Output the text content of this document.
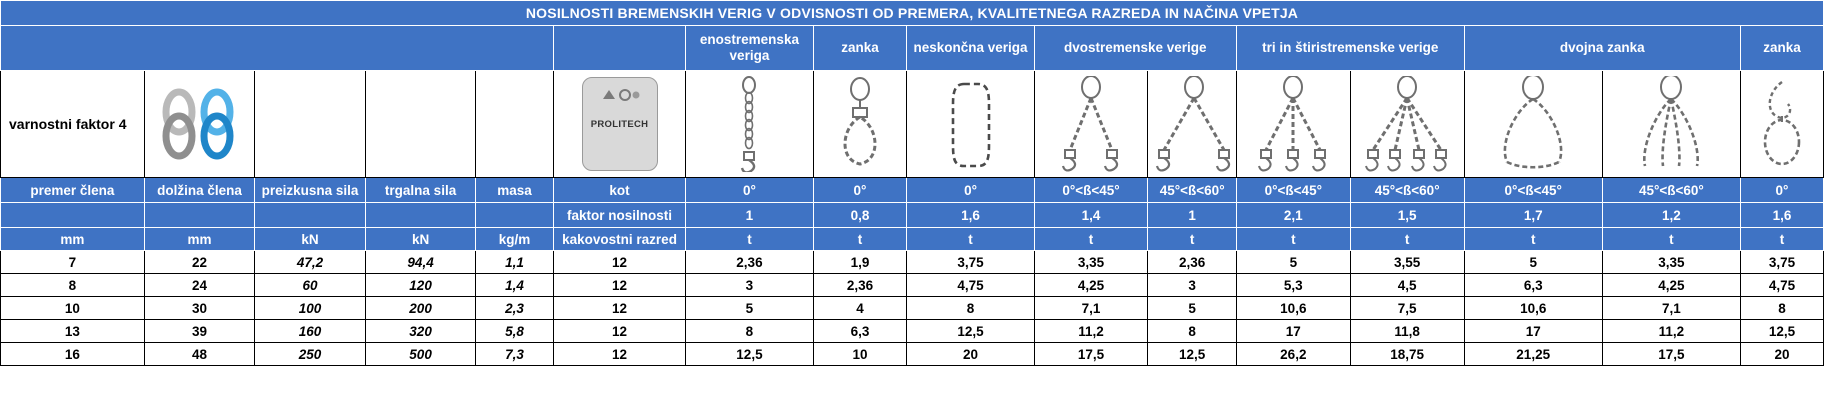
NOSILNOSTI BREMENSKIH VERIG V ODVISNOSTI OD PREMERA, KVALITETNEGA RAZREDA IN NAČINA VPETJA															
						enostremenska veriga	zanka	neskončna veriga	dvostremenske verige		tri in štiristremenske verige		dvojna zanka		zanka
varnostni faktor 4					PROLITECH

premer člena	dolžina člena	preizkusna sila	trgalna sila	masa	kot	0°	0°	0°	0°<ß<45°	45°<ß<60°	0°<ß<45°	45°<ß<60°	0°<ß<45°	45°<ß<60°	0°
					faktor nosilnosti	1	0,8	1,6	1,4	1	2,1	1,5	1,7	1,2	1,6
mm	mm	kN	kN	kg/m	kakovostni razred	t	t	t	t	t	t	t	t	t	t
7	22	47,2	94,4	1,1	12	2,36	1,9	3,75	3,35	2,36	5	3,55	5	3,35	3,75
8	24	60	120	1,4	12	3	2,36	4,75	4,25	3	5,3	4,5	6,3	4,25	4,75
10	30	100	200	2,3	12	5	4	8	7,1	5	10,6	7,5	10,6	7,1	8
13	39	160	320	5,8	12	8	6,3	12,5	11,2	8	17	11,8	17	11,2	12,5
16	48	250	500	7,3	12	12,5	10	20	17,5	12,5	26,2	18,75	21,25	17,5	20
